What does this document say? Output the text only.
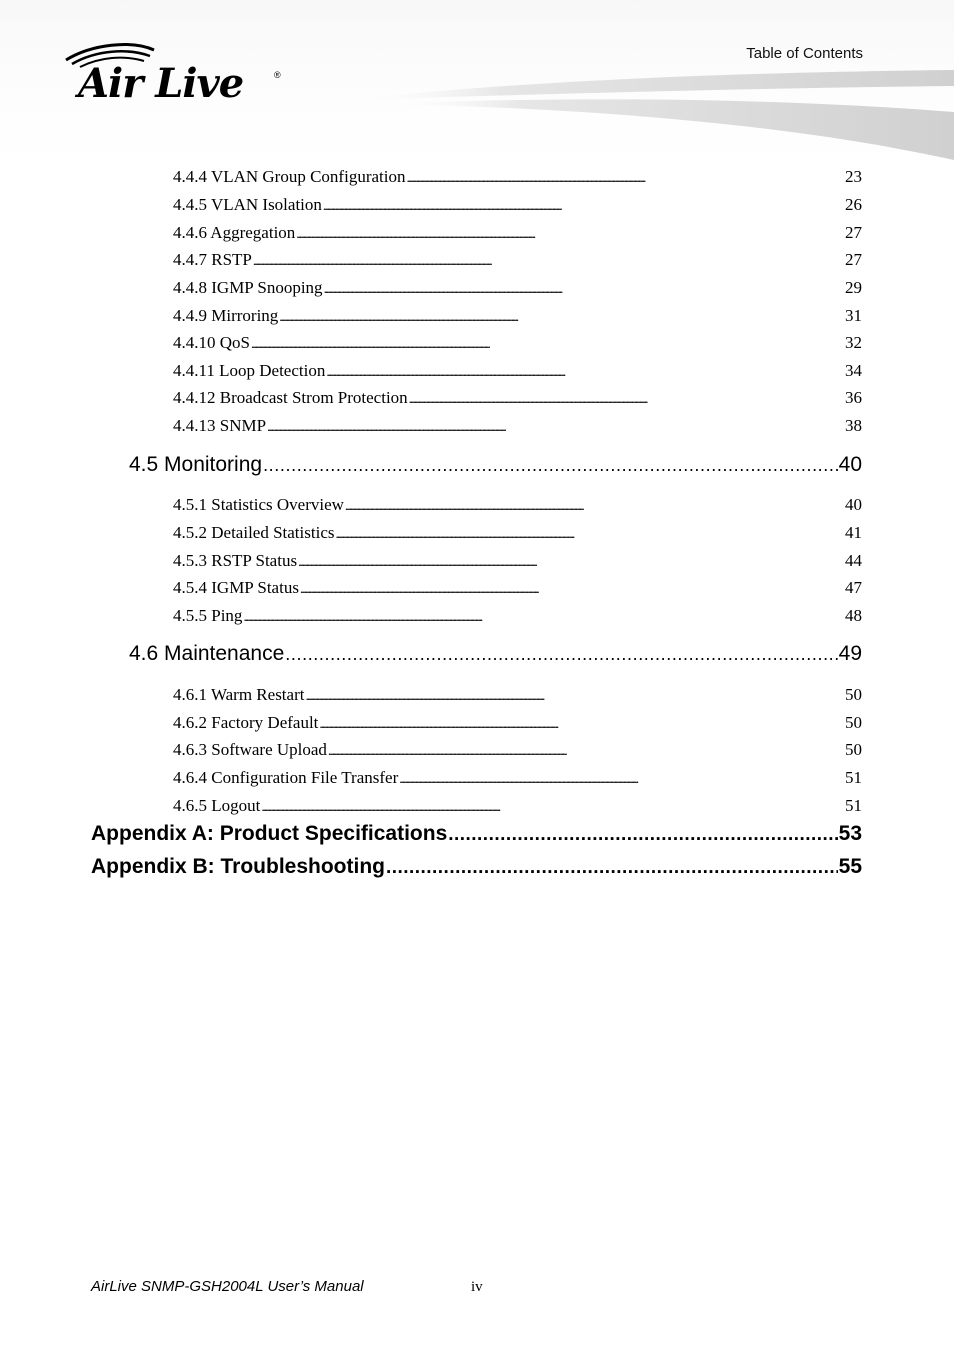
Air Live	®
Table of Contents
4.4.4 VLAN Group Configuration . . .	23
4.4.5 VLAN Isolation . . .	26
4.4.6 Aggregation . . .	27
4.4.7 RSTP . . .	27
4.4.8 IGMP Snooping . . .	29
4.4.9 Mirroring . . .	31
4.4.10 QoS . . .	32
4.4.11 Loop Detection . . .	34
4.4.12 Broadcast Strom Protection . . .	36
4.4.13 SNMP . . .	38
4.5 Monitoring . . .	40
4.5.1 Statistics Overview . . .	40
4.5.2 Detailed Statistics . . .	41
4.5.3 RSTP Status . . .	44
4.5.4 IGMP Status . . .	47
4.5.5 Ping . . .	48
4.6 Maintenance . . .	49
4.6.1 Warm Restart . . .	50
4.6.2 Factory Default . . .	50
4.6.3 Software Upload . . .	50
4.6.4 Configuration File Transfer . . .	51
4.6.5 Logout . . .	51
Appendix A: Product Specifications . . .	53
Appendix B: Troubleshooting . . .	55
AirLive SNMP-GSH2004L User’s Manual	iv
